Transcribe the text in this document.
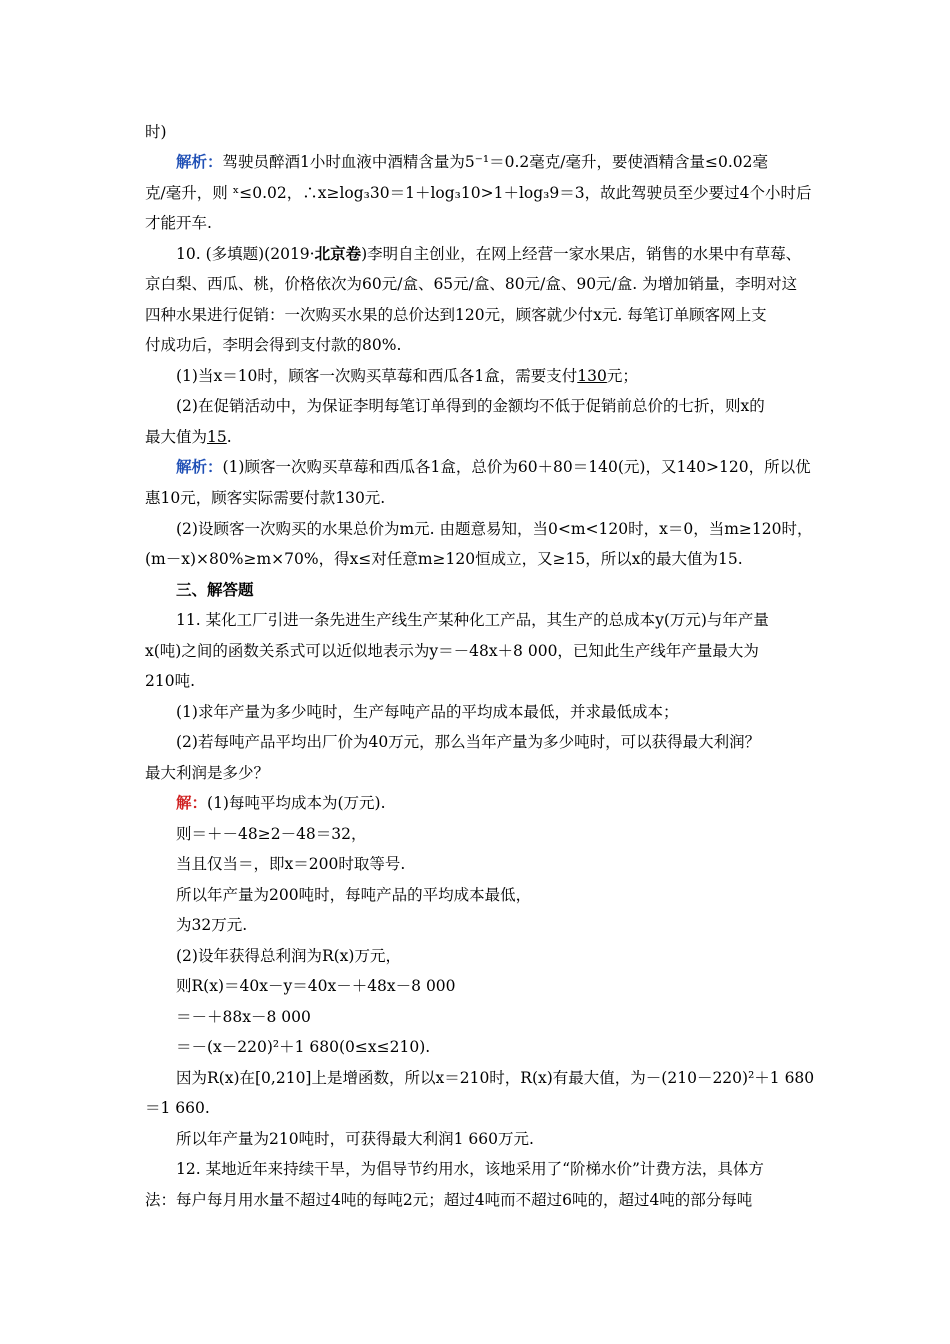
时)
解析：驾驶员醉酒1小时血液中酒精含量为5⁻¹＝0.2毫克/毫升，要使酒精含量≤0.02毫
克/毫升，则 ˣ≤0.02，∴x≥log₃30＝1＋log₃10>1＋log₃9＝3，故此驾驶员至少要过4个小时后
才能开车.
10. (多填题)(2019·北京卷)李明自主创业，在网上经营一家水果店，销售的水果中有草莓、
京白梨、西瓜、桃，价格依次为60元/盒、65元/盒、80元/盒、90元/盒. 为增加销量，李明对这
四种水果进行促销：一次购买水果的总价达到120元，顾客就少付x元. 每笔订单顾客网上支
付成功后，李明会得到支付款的80%.
(1)当x＝10时，顾客一次购买草莓和西瓜各1盒，需要支付130元；
(2)在促销活动中，为保证李明每笔订单得到的金额均不低于促销前总价的七折，则x的
最大值为15.
解析：(1)顾客一次购买草莓和西瓜各1盒，总价为60＋80＝140(元)，又140>120，所以优
惠10元，顾客实际需要付款130元.
(2)设顾客一次购买的水果总价为m元. 由题意易知，当0<m<120时，x＝0，当m≥120时，
(m－x)×80%≥m×70%，得x≤对任意m≥120恒成立，又≥15，所以x的最大值为15.
三、解答题
11. 某化工厂引进一条先进生产线生产某种化工产品，其生产的总成本y(万元)与年产量
x(吨)之间的函数关系式可以近似地表示为y＝－48x＋8 000，已知此生产线年产量最大为
210吨.
(1)求年产量为多少吨时，生产每吨产品的平均成本最低，并求最低成本；
(2)若每吨产品平均出厂价为40万元，那么当年产量为多少吨时，可以获得最大利润？
最大利润是多少？
解：(1)每吨平均成本为(万元).
则＝＋－48≥2－48＝32，
当且仅当＝，即x＝200时取等号.
所以年产量为200吨时，每吨产品的平均成本最低，
为32万元.
(2)设年获得总利润为R(x)万元，
则R(x)＝40x－y＝40x－＋48x－8 000
＝－＋88x－8 000
＝－(x－220)²＋1 680(0≤x≤210).
因为R(x)在[0,210]上是增函数，所以x＝210时，R(x)有最大值，为－(210－220)²＋1 680
＝1 660.
所以年产量为210吨时，可获得最大利润1 660万元.
12. 某地近年来持续干旱，为倡导节约用水，该地采用了“阶梯水价”计费方法，具体方
法：每户每月用水量不超过4吨的每吨2元；超过4吨而不超过6吨的，超过4吨的部分每吨
